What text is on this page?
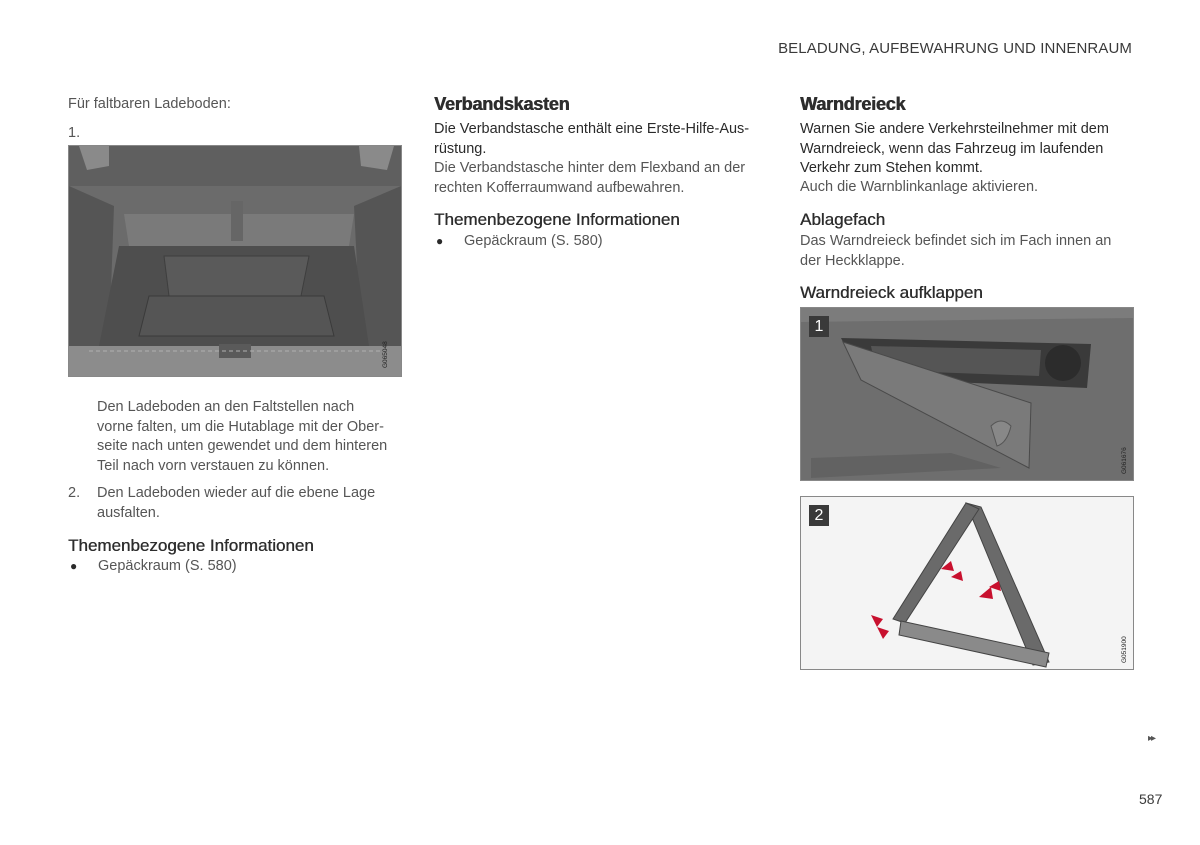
BELADUNG, AUFBEWAHRUNG UND INNENRAUM

Für faltbaren Ladeboden:

1.

G065048
Den Ladeboden an den Faltstellen nach
vorne falten, um die Hutablage mit der Ober-
seite nach unten gewendet und dem hinteren
Teil nach vorn verstauen zu können.
2. Den Ladeboden wieder auf die ebene Lage
ausfalten.
Themenbezogene Informationen
● Gepäckraum (S. 580)
Verbandskasten
Die Verbandstasche enthält eine Erste-Hilfe-Aus-
rüstung.
Die Verbandstasche hinter dem Flexband an der
rechten Kofferraumwand aufbewahren.
Themenbezogene Informationen
● Gepäckraum (S. 580)
Warndreieck
Warnen Sie andere Verkehrsteilnehmer mit dem
Warndreieck, wenn das Fahrzeug im laufenden
Verkehr zum Stehen kommt.
Auch die Warnblinkanlage aktivieren.
Ablagefach
Das Warndreieck befindet sich im Fach innen an
der Heckklappe.
Warndreieck aufklappen
1
G061676
2
G051900
▸▸
587
